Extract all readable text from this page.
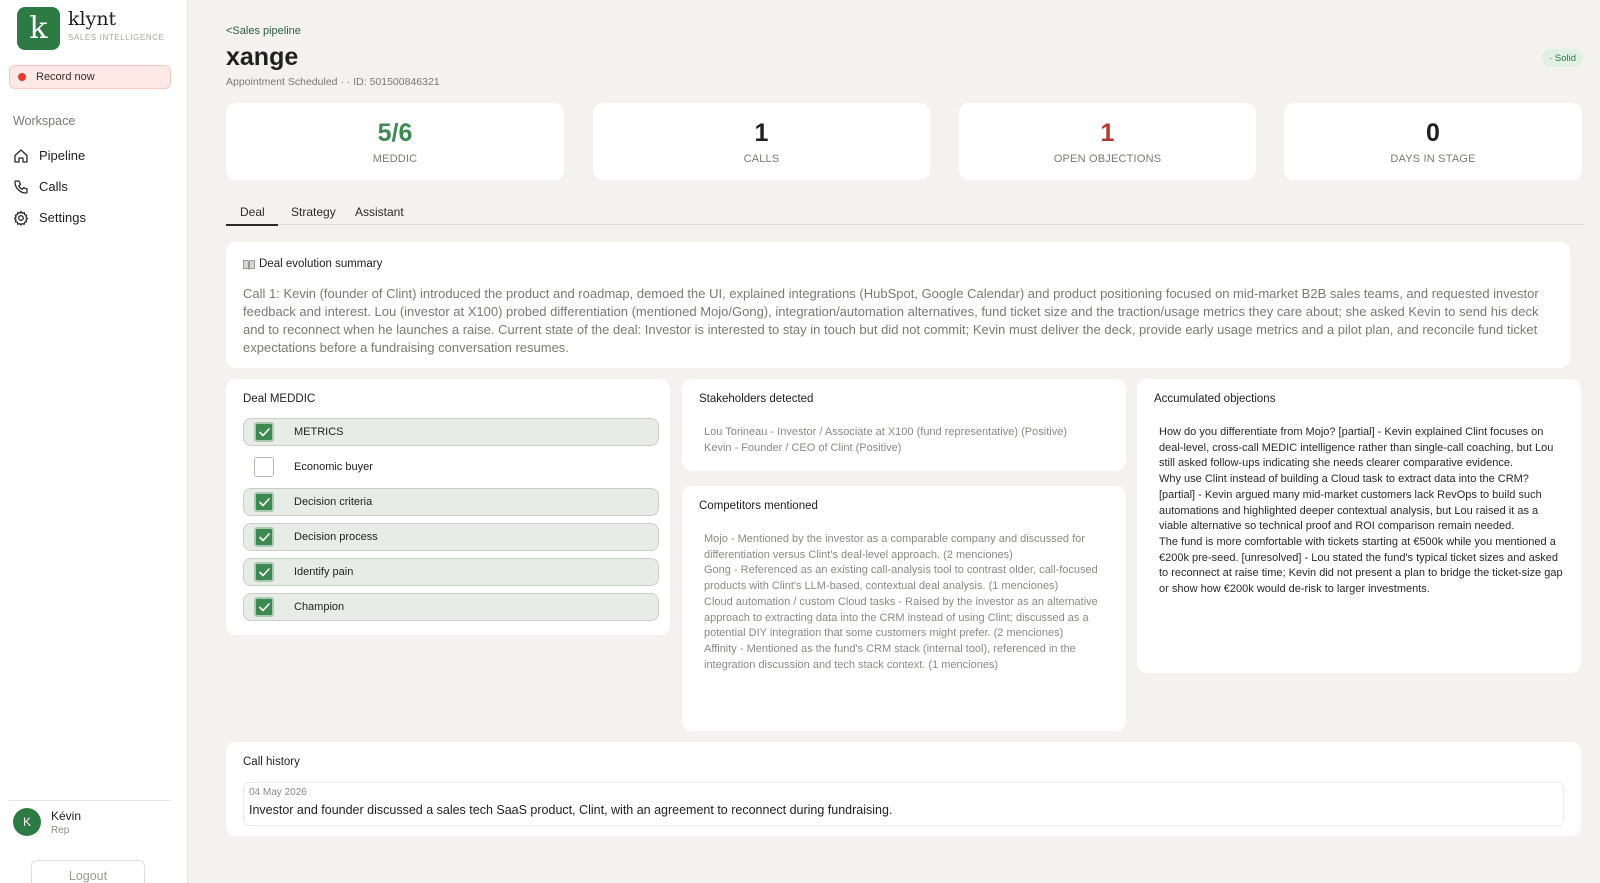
k	klynt
SALES INTELLIGENCE
Record now
Workspace
Pipeline
Calls
Settings
K	Kévin
Rep
Logout
<Sales pipeline
xange
Appointment Scheduled · · ID: 501500846321
· Solid
5/6
MEDDIC
1
CALLS
1
OPEN OBJECTIONS
0
DAYS IN STAGE
Deal	Strategy Assistant
Deal evolution summary

Call 1: Kevin (founder of Clint) introduced the product and roadmap, demoed the UI, explained integrations (HubSpot, Google Calendar) and product positioning focused on mid-market B2B sales teams, and requested investor feedback and interest. Lou (investor at X100) probed differentiation (mentioned Mojo/Gong), integration/automation alternatives, fund ticket size and the traction/usage metrics they care about; she asked Kevin to send his deck and to reconnect when he launches a raise. Current state of the deal: Investor is interested to stay in touch but did not commit; Kevin must deliver the deck, provide early usage metrics and a pilot plan, and reconcile fund ticket expectations before a fundraising conversation resumes.

Deal MEDDIC
METRICS
Economic buyer
Decision criteria
Decision process
Identify pain
Champion
Stakeholders detected
Lou Torineau - Investor / Associate at X100 (fund representative) (Positive)
Kevin - Founder / CEO of Clint (Positive)
Competitors mentioned
Mojo - Mentioned by the investor as a comparable company and discussed for differentiation versus Clint's deal-level approach. (2 menciones)
Gong - Referenced as an existing call-analysis tool to contrast older, call-focused products with Clint's LLM-based, contextual deal analysis. (1 menciones)
Cloud automation / custom Cloud tasks - Raised by the investor as an alternative approach to extracting data into the CRM instead of using Clint; discussed as a potential DIY integration that some customers might prefer. (2 menciones)
Affinity - Mentioned as the fund's CRM stack (internal tool), referenced in the integration discussion and tech stack context. (1 menciones)
Accumulated objections
How do you differentiate from Mojo? [partial] - Kevin explained Clint focuses on deal-level, cross-call MEDIC intelligence rather than single-call coaching, but Lou still asked follow-ups indicating she needs clearer comparative evidence.
Why use Clint instead of building a Cloud task to extract data into the CRM? [partial] - Kevin argued many mid-market customers lack RevOps to build such automations and highlighted deeper contextual analysis, but Lou raised it as a viable alternative so technical proof and ROI comparison remain needed.
The fund is more comfortable with tickets starting at €500k while you mentioned a €200k pre-seed. [unresolved] - Lou stated the fund's typical ticket sizes and asked to reconnect at raise time; Kevin did not present a plan to bridge the ticket-size gap or show how €200k would de-risk to larger investments.
Call history
04 May 2026
Investor and founder discussed a sales tech SaaS product, Clint, with an agreement to reconnect during fundraising.
